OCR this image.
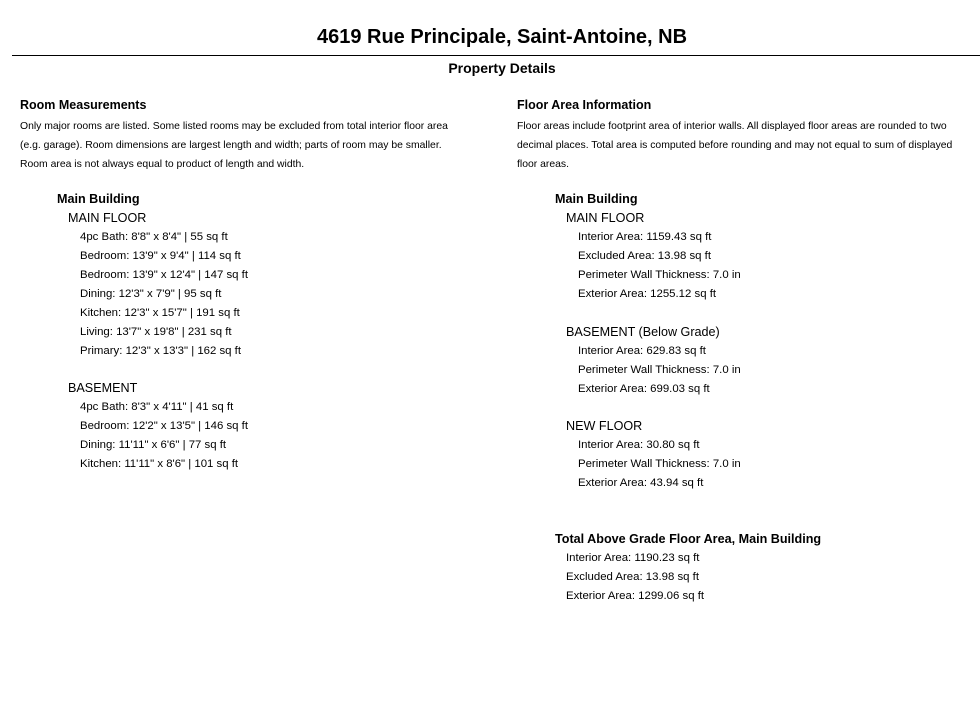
4619 Rue Principale, Saint-Antoine, NB
Property Details
Room Measurements
Only major rooms are listed. Some listed rooms may be excluded from total interior floor area
(e.g. garage). Room dimensions are largest length and width; parts of room may be smaller.
Room area is not always equal to product of length and width.
Main Building
MAIN FLOOR
4pc Bath: 8'8" x 8'4" | 55 sq ft
Bedroom: 13'9" x 9'4" | 114 sq ft
Bedroom: 13'9" x 12'4" | 147 sq ft
Dining: 12'3" x 7'9" | 95 sq ft
Kitchen: 12'3" x 15'7" | 191 sq ft
Living: 13'7" x 19'8" | 231 sq ft
Primary: 12'3" x 13'3" | 162 sq ft
BASEMENT
4pc Bath: 8'3" x 4'11" | 41 sq ft
Bedroom: 12'2" x 13'5" | 146 sq ft
Dining: 11'11" x 6'6" | 77 sq ft
Kitchen: 11'11" x 8'6" | 101 sq ft
Floor Area Information
Floor areas include footprint area of interior walls. All displayed floor areas are rounded to two
decimal places. Total area is computed before rounding and may not equal to sum of displayed
floor areas.
Main Building
MAIN FLOOR
Interior Area: 1159.43 sq ft
Excluded Area: 13.98 sq ft
Perimeter Wall Thickness: 7.0 in
Exterior Area: 1255.12 sq ft
BASEMENT (Below Grade)
Interior Area: 629.83 sq ft
Perimeter Wall Thickness: 7.0 in
Exterior Area: 699.03 sq ft
NEW FLOOR
Interior Area: 30.80 sq ft
Perimeter Wall Thickness: 7.0 in
Exterior Area: 43.94 sq ft
Total Above Grade Floor Area, Main Building
Interior Area: 1190.23 sq ft
Excluded Area: 13.98 sq ft
Exterior Area: 1299.06 sq ft
